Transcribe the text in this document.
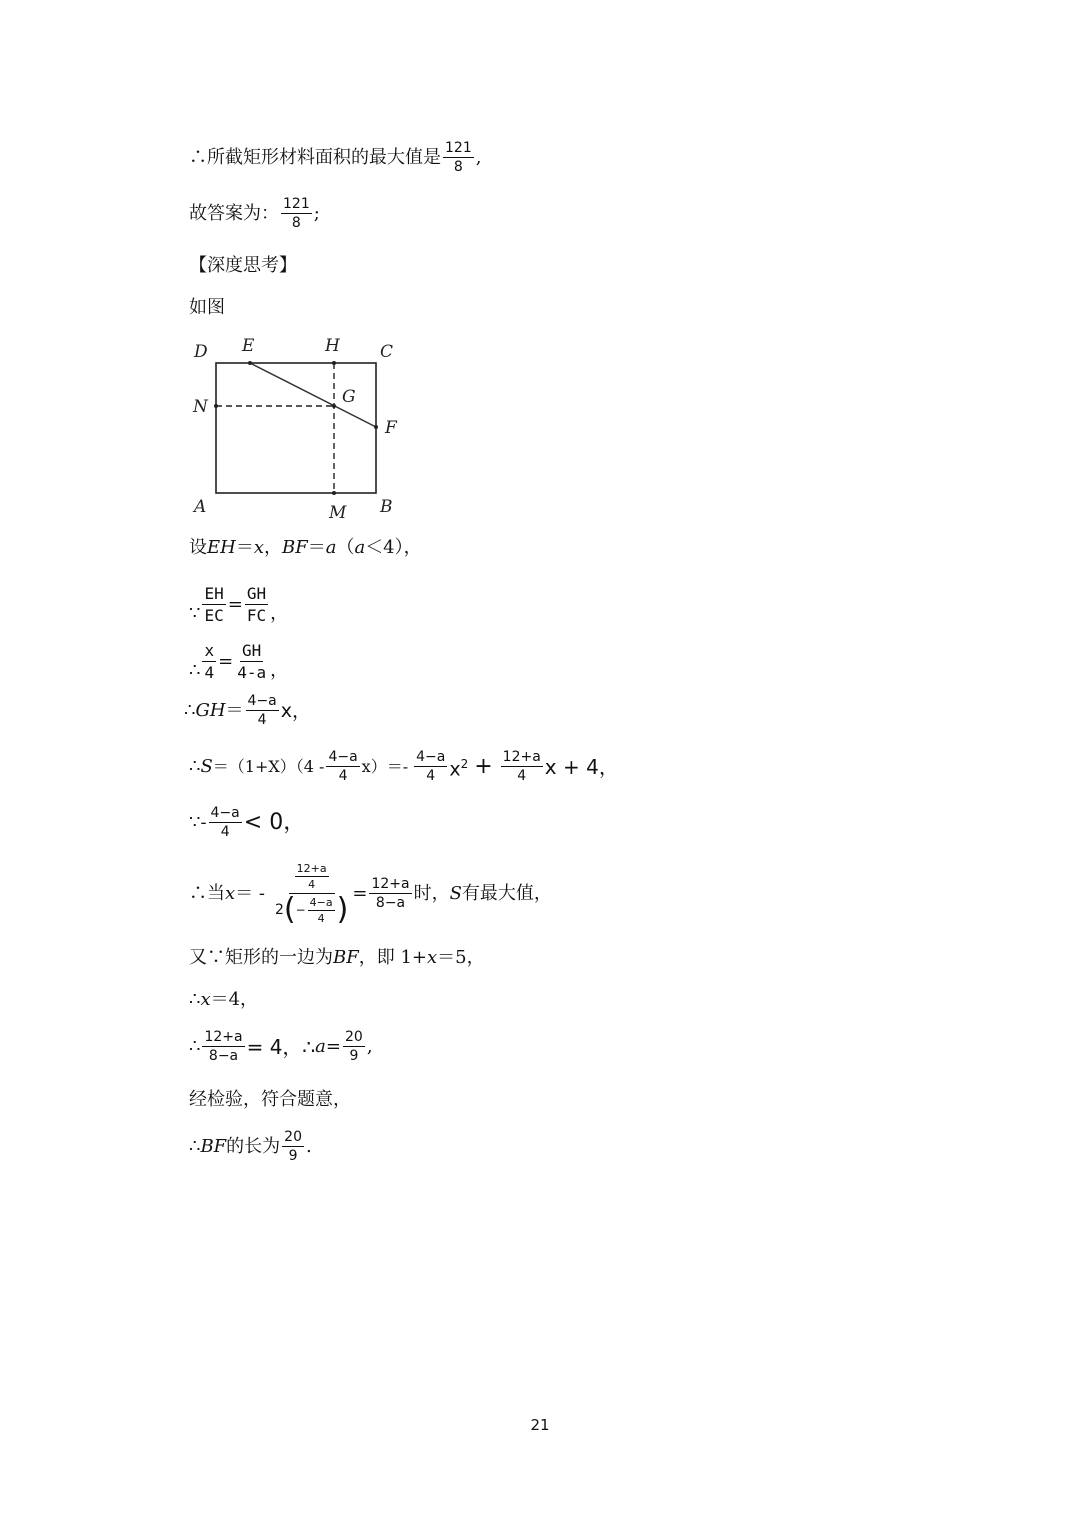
∴所截矩形材料面积的最大值是 $\frac{121}{8}$ ,
故答案为： $\frac{121}{8}$ ;
【深度思考】
如图
D E	H C
N	G
F
A	M B
设 EH ＝ x ， BF ＝ a （ a ＜4），
∵ $\frac{EH}{EC} = \frac{GH}{FC}$ ，
∴ $\frac{x}{4} = \frac{GH}{4-a}$ ，
∴ GH ＝ $\frac{4-a}{4}$ x，
∴ $S =(1+X)(4 - \frac{4-a}{4} x)=- \frac{4-a}{4} x^2 + \frac{12+a}{4}$ x + 4，
∵- $\frac{4-a}{4} < 0$，
∴当 x ＝ -
$\frac{12+a}{4}$
2 ( − $\frac{4-a}{4}$ ) = $\frac{12+a}{8-a}$ 时， S 有最大值，
又∵矩形的一边为 BF ，即 1+ x ＝5，
∴ x ＝4，
∴ $\frac{12+a}{8-a} = 4$，∴ $a = \frac{20}{9}$ ,
经检验，符合题意，
∴ BF 的长为 $\frac{20}{9}$ .
21
